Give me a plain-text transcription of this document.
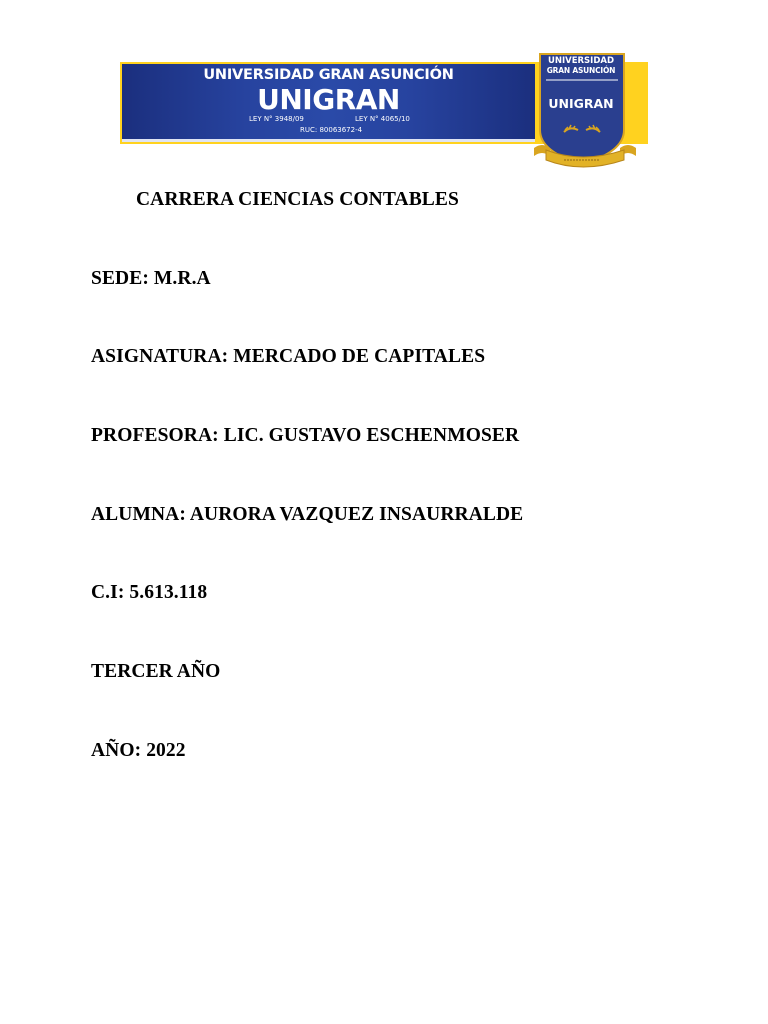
UNIVERSIDAD GRAN ASUNCIÓN
UNIGRAN
LEY N° 3948/09	LEY N° 4065/10
RUC: 80063672-4
UNIVERSIDAD
GRAN ASUNCIÓN
UNIGRAN
CARRERA CIENCIAS CONTABLES
SEDE: M.R.A
ASIGNATURA: MERCADO DE CAPITALES
PROFESORA: LIC. GUSTAVO ESCHENMOSER
ALUMNA: AURORA VAZQUEZ INSAURRALDE
C.I: 5.613.118
TERCER AÑO
AÑO: 2022
